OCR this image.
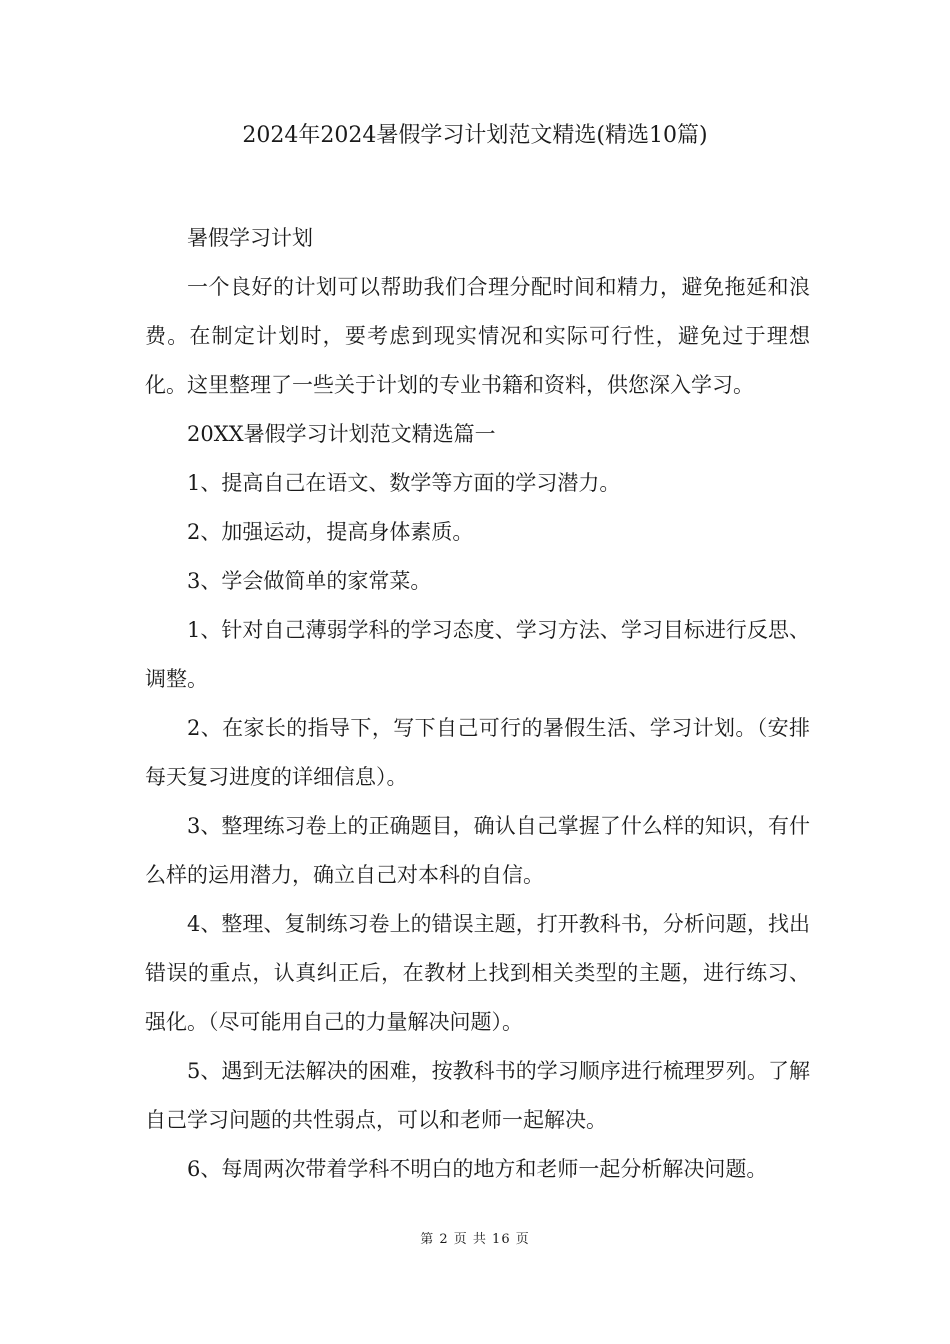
2024年2024暑假学习计划范文精选(精选10篇)

暑假学习计划

一个良好的计划可以帮助我们合理分配时间和精力，避免拖延和浪费。在制定计划时，要考虑到现实情况和实际可行性，避免过于理想化。这里整理了一些关于计划的专业书籍和资料，供您深入学习。

20XX暑假学习计划范文精选篇一

1、提高自己在语文、数学等方面的学习潜力。

2、加强运动，提高身体素质。

3、学会做简单的家常菜。

1、针对自己薄弱学科的学习态度、学习方法、学习目标进行反思、调整。

2、在家长的指导下，写下自己可行的暑假生活、学习计划。（安排每天复习进度的详细信息）。

3、整理练习卷上的正确题目，确认自己掌握了什么样的知识，有什么样的运用潜力，确立自己对本科的自信。

4、整理、复制练习卷上的错误主题，打开教科书，分析问题，找出错误的重点，认真纠正后，在教材上找到相关类型的主题，进行练习、强化。（尽可能用自己的力量解决问题）。

5、遇到无法解决的困难，按教科书的学习顺序进行梳理罗列。了解自己学习问题的共性弱点，可以和老师一起解决。

6、每周两次带着学科不明白的地方和老师一起分析解决问题。

第 2 页 共 16 页
